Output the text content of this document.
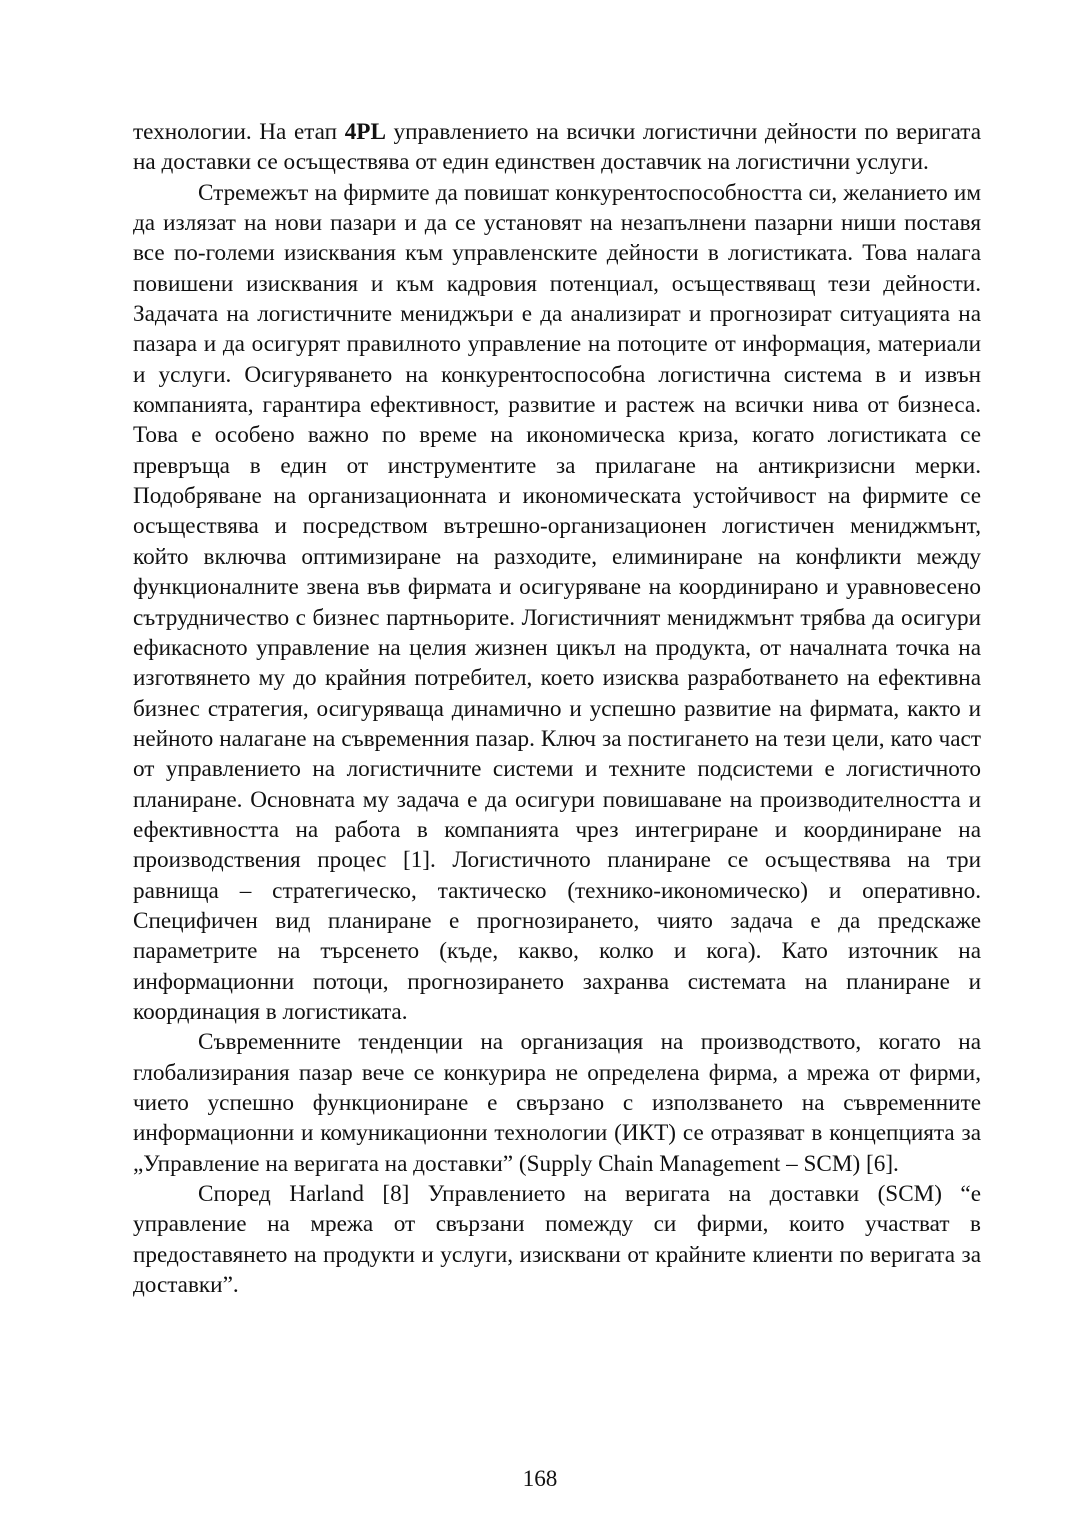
технологии. На етап 4PL управлението на всички логистични дейности по веригата на доставки се осъществява от един единствен доставчик на логистични услуги.

Стремежът на фирмите да повишат конкурентоспособността си, желанието им да излязат на нови пазари и да се установят на незапълнени пазарни ниши поставя все по-големи изисквания към управленските дейности в логистиката. Това налага повишени изисквания и към кадровия потенциал, осъществяващ тези дейности. Задачата на логистичните мениджъри е да анализират и прогнозират ситуацията на пазара и да осигурят правилното управление на потоците от информация, материали и услуги. Осигуряването на конкурентоспособна логистична система в и извън компанията, гарантира ефективност, развитие и растеж на всички нива от бизнеса. Това е особено важно по време на икономическа криза, когато логистиката се превръща в един от инструментите за прилагане на антикризисни мерки. Подобряване на организационната и икономическата устойчивост на фирмите се осъществява и посредством вътрешно-организационен логистичен мениджмънт, който включва оптимизиране на разходите, елиминиране на конфликти между функционалните звена във фирмата и осигуряване на координирано и уравновесено сътрудничество с бизнес партньорите. Логистичният мениджмънт трябва да осигури ефикасното управление на целия жизнен цикъл на продукта, от началната точка на изготвянето му до крайния потребител, което изисква разработването на ефективна бизнес стратегия, осигуряваща динамично и успешно развитие на фирмата, както и нейното налагане на съвременния пазар. Ключ за постигането на тези цели, като част от управлението на логистичните системи и техните подсистеми е логистичното планиране. Основната му задача е да осигури повишаване на производителността и ефективността на работа в компанията чрез интегриране и координиране на производствения процес [1]. Логистичното планиране се осъществява на три равнища – стратегическо, тактическо (технико-икономическо) и оперативно. Специфичен вид планиране е прогнозирането, чиято задача е да предскаже параметрите на търсенето (къде, какво, колко и кога). Като източник на информационни потоци, прогнозирането захранва системата на планиране и координация в логистиката.

Съвременните тенденции на организация на производството, когато на глобализирания пазар вече се конкурира не определена фирма, а мрежа от фирми, чието успешно функциониране е свързано с използването на съвременните информационни и комуникационни технологии (ИКТ) се отразяват в концепцията за „Управление на веригата на доставки” (Supply Chain Management – SCM) [6].

Според Harland [8] Управлението на веригата на доставки (SCM) “е управление на мрежа от свързани помежду си фирми, които участват в предоставянето на продукти и услуги, изисквани от крайните клиенти по веригата за доставки”.

168
